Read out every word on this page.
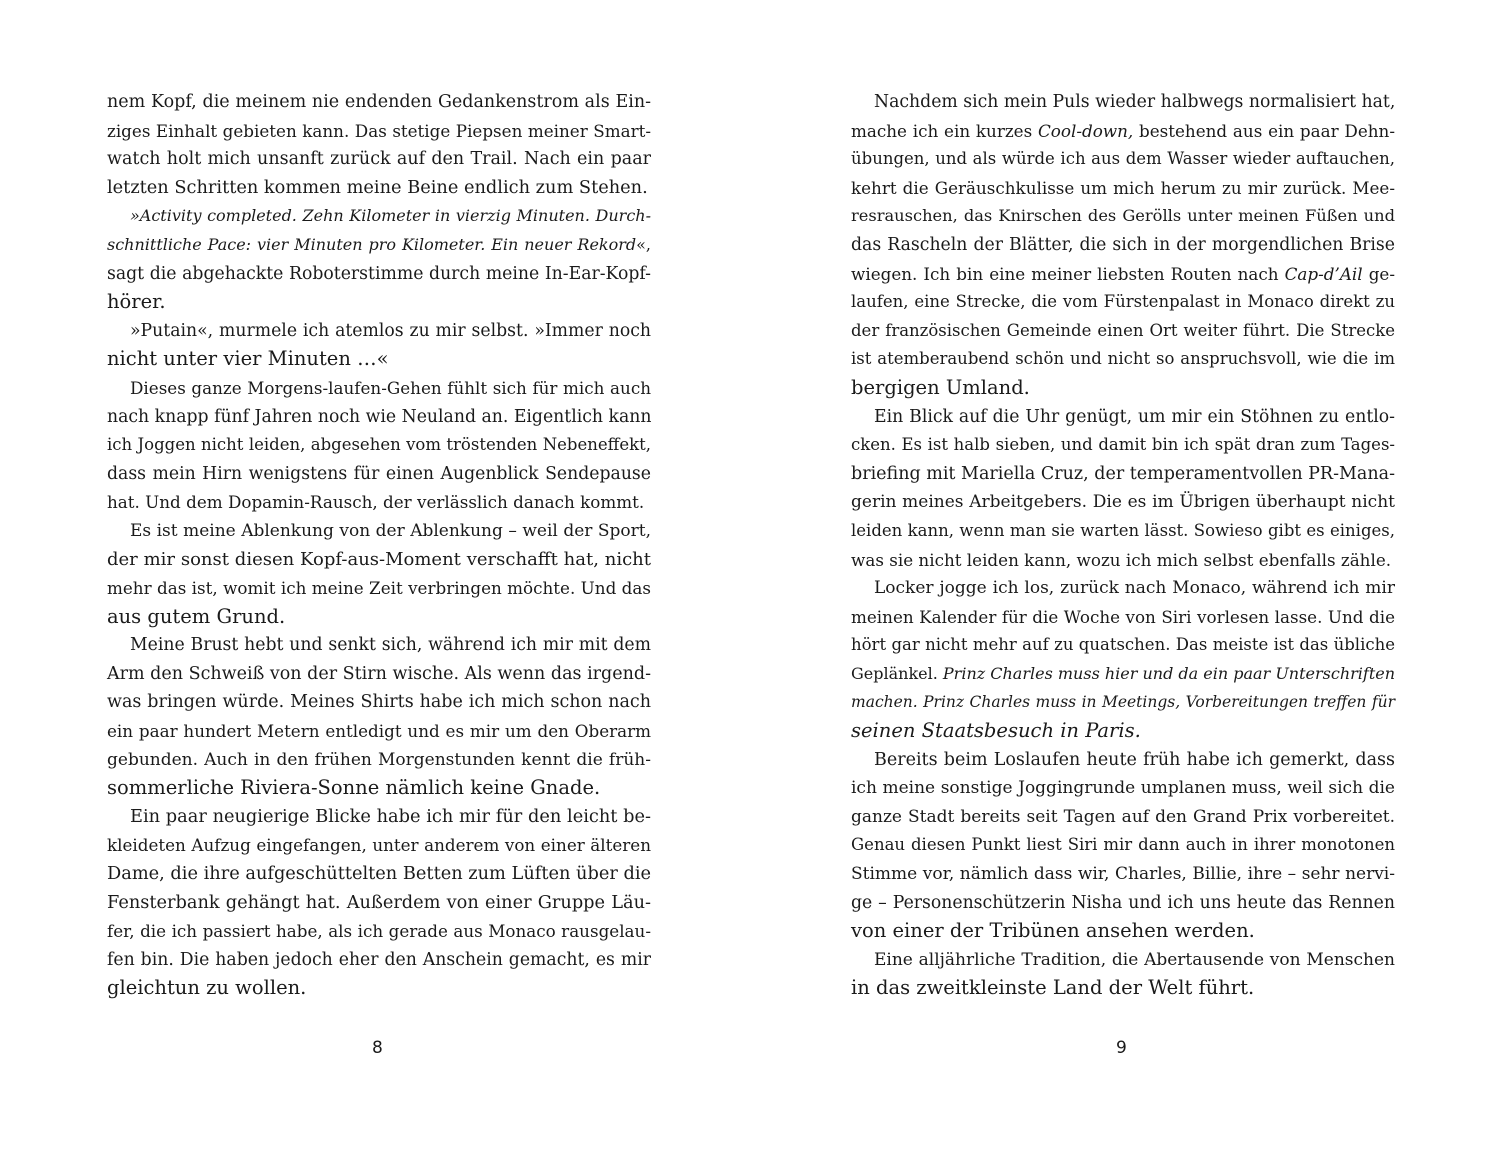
nem Kopf, die meinem nie endenden Gedankenstrom als Ein-
ziges Einhalt gebieten kann. Das stetige Piepsen meiner Smart-
watch holt mich unsanft zurück auf den Trail. Nach ein paar
letzten Schritten kommen meine Beine endlich zum Stehen.
»Activity completed. Zehn Kilometer in vierzig Minuten. Durch-
schnittliche Pace: vier Minuten pro Kilometer. Ein neuer Rekord«,
sagt die abgehackte Roboterstimme durch meine In-Ear-Kopf-
hörer.
»Putain«, murmele ich atemlos zu mir selbst. »Immer noch
nicht unter vier Minuten …«
Dieses ganze Morgens-laufen-Gehen fühlt sich für mich auch
nach knapp fünf Jahren noch wie Neuland an. Eigentlich kann
ich Joggen nicht leiden, abgesehen vom tröstenden Nebeneffekt,
dass mein Hirn wenigstens für einen Augenblick Sendepause
hat. Und dem Dopamin-Rausch, der verlässlich danach kommt.
Es ist meine Ablenkung von der Ablenkung – weil der Sport,
der mir sonst diesen Kopf-aus-Moment verschafft hat, nicht
mehr das ist, womit ich meine Zeit verbringen möchte. Und das
aus gutem Grund.
Meine Brust hebt und senkt sich, während ich mir mit dem
Arm den Schweiß von der Stirn wische. Als wenn das irgend-
was bringen würde. Meines Shirts habe ich mich schon nach
ein paar hundert Metern entledigt und es mir um den Oberarm
gebunden. Auch in den frühen Morgenstunden kennt die früh-
sommerliche Riviera-Sonne nämlich keine Gnade.
Ein paar neugierige Blicke habe ich mir für den leicht be-
kleideten Aufzug eingefangen, unter anderem von einer älteren
Dame, die ihre aufgeschüttelten Betten zum Lüften über die
Fensterbank gehängt hat. Außerdem von einer Gruppe Läu-
fer, die ich passiert habe, als ich gerade aus Monaco rausgelau-
fen bin. Die haben jedoch eher den Anschein gemacht, es mir
gleichtun zu wollen.
8
Nachdem sich mein Puls wieder halbwegs normalisiert hat,
mache ich ein kurzes Cool-down, bestehend aus ein paar Dehn-
übungen, und als würde ich aus dem Wasser wieder auftauchen,
kehrt die Geräuschkulisse um mich herum zu mir zurück. Mee-
resrauschen, das Knirschen des Gerölls unter meinen Füßen und
das Rascheln der Blätter, die sich in der morgendlichen Brise
wiegen. Ich bin eine meiner liebsten Routen nach Cap-d’Ail ge-
laufen, eine Strecke, die vom Fürstenpalast in Monaco direkt zu
der französischen Gemeinde einen Ort weiter führt. Die Strecke
ist atemberaubend schön und nicht so anspruchsvoll, wie die im
bergigen Umland.
Ein Blick auf die Uhr genügt, um mir ein Stöhnen zu entlo-
cken. Es ist halb sieben, und damit bin ich spät dran zum Tages-
briefing mit Mariella Cruz, der temperamentvollen PR-Mana-
gerin meines Arbeitgebers. Die es im Übrigen überhaupt nicht
leiden kann, wenn man sie warten lässt. Sowieso gibt es einiges,
was sie nicht leiden kann, wozu ich mich selbst ebenfalls zähle.
Locker jogge ich los, zurück nach Monaco, während ich mir
meinen Kalender für die Woche von Siri vorlesen lasse. Und die
hört gar nicht mehr auf zu quatschen. Das meiste ist das übliche
Geplänkel. Prinz Charles muss hier und da ein paar Unterschriften
machen. Prinz Charles muss in Meetings, Vorbereitungen treffen für
seinen Staatsbesuch in Paris.
Bereits beim Loslaufen heute früh habe ich gemerkt, dass
ich meine sonstige Joggingrunde umplanen muss, weil sich die
ganze Stadt bereits seit Tagen auf den Grand Prix vorbereitet.
Genau diesen Punkt liest Siri mir dann auch in ihrer monotonen
Stimme vor, nämlich dass wir, Charles, Billie, ihre – sehr nervi-
ge – Personenschützerin Nisha und ich uns heute das Rennen
von einer der Tribünen ansehen werden.
Eine alljährliche Tradition, die Abertausende von Menschen
in das zweitkleinste Land der Welt führt.
9
